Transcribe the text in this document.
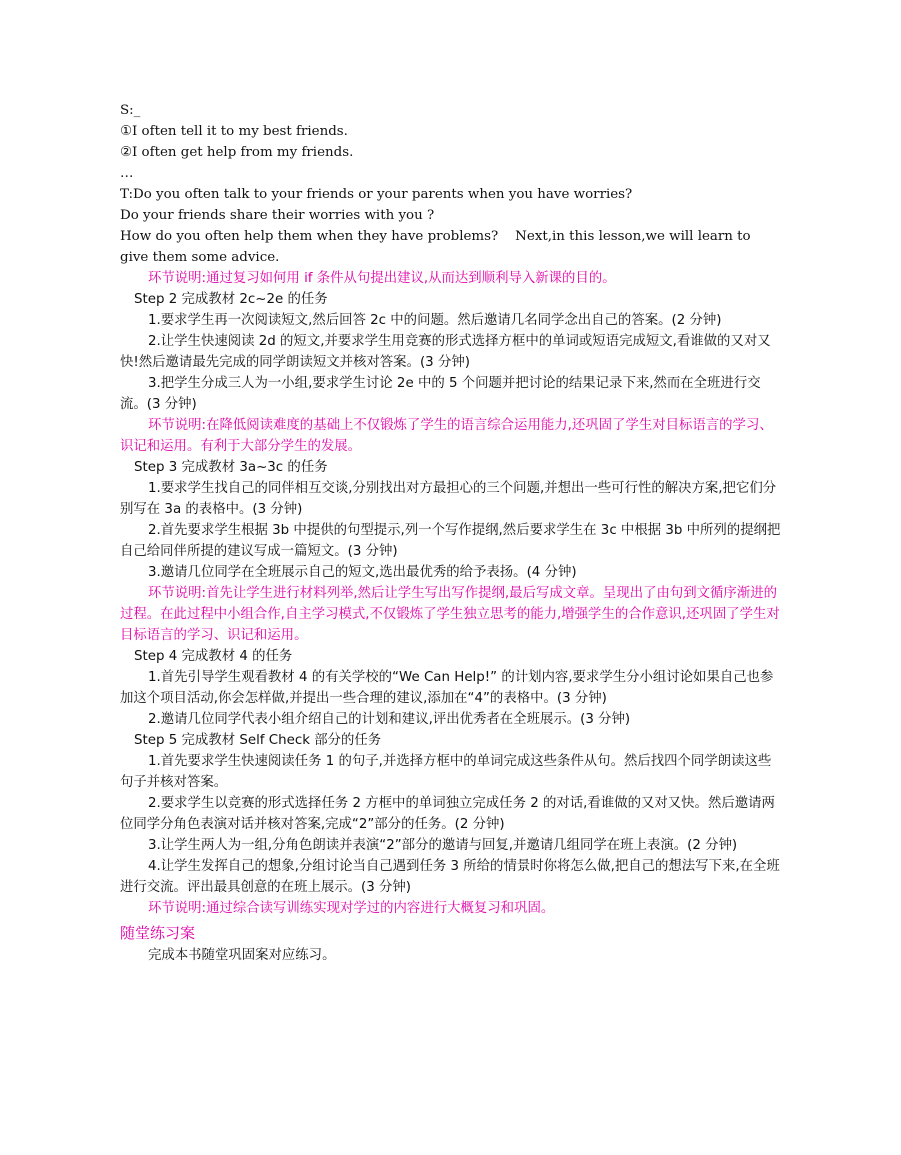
S:_
①I often tell it to my best friends.
②I often get help from my friends.
…
T:Do you often talk to your friends or your parents when you have worries?
Do your friends share their worries with you ?
How do you often help them when they have problems?    Next,in this lesson,we will learn to give them some advice.
环节说明:通过复习如何用 if 条件从句提出建议,从而达到顺利导入新课的目的。
Step 2 完成教材 2c~2e 的任务
1.要求学生再一次阅读短文,然后回答 2c 中的问题。然后邀请几名同学念出自己的答案。(2 分钟)
2.让学生快速阅读 2d 的短文,并要求学生用竞赛的形式选择方框中的单词或短语完成短文,看谁做的又对又快!然后邀请最先完成的同学朗读短文并核对答案。(3 分钟)
3.把学生分成三人为一小组,要求学生讨论 2e 中的 5 个问题并把讨论的结果记录下来,然而在全班进行交流。(3 分钟)
环节说明:在降低阅读难度的基础上不仅锻炼了学生的语言综合运用能力,还巩固了学生对目标语言的学习、识记和运用。有利于大部分学生的发展。
Step 3 完成教材 3a~3c 的任务
1.要求学生找自己的同伴相互交谈,分别找出对方最担心的三个问题,并想出一些可行性的解决方案,把它们分别写在 3a 的表格中。(3 分钟)
2.首先要求学生根据 3b 中提供的句型提示,列一个写作提纲,然后要求学生在 3c 中根据 3b 中所列的提纲把自己给同伴所提的建议写成一篇短文。(3 分钟)
3.邀请几位同学在全班展示自己的短文,选出最优秀的给予表扬。(4 分钟)
环节说明:首先让学生进行材料列举,然后让学生写出写作提纲,最后写成文章。呈现出了由句到文循序渐进的过程。在此过程中小组合作,自主学习模式,不仅锻炼了学生独立思考的能力,增强学生的合作意识,还巩固了学生对目标语言的学习、识记和运用。
Step 4 完成教材 4 的任务
1.首先引导学生观看教材 4 的有关学校的“We Can Help!” 的计划内容,要求学生分小组讨论如果自己也参加这个项目活动,你会怎样做,并提出一些合理的建议,添加在“4”的表格中。(3 分钟)
2.邀请几位同学代表小组介绍自己的计划和建议,评出优秀者在全班展示。(3 分钟)
Step 5 完成教材 Self Check 部分的任务
1.首先要求学生快速阅读任务 1 的句子,并选择方框中的单词完成这些条件从句。然后找四个同学朗读这些句子并核对答案。
2.要求学生以竞赛的形式选择任务 2 方框中的单词独立完成任务 2 的对话,看谁做的又对又快。然后邀请两位同学分角色表演对话并核对答案,完成“2”部分的任务。(2 分钟)
3.让学生两人为一组,分角色朗读并表演“2”部分的邀请与回复,并邀请几组同学在班上表演。(2 分钟)
4.让学生发挥自己的想象,分组讨论当自己遇到任务 3 所给的情景时你将怎么做,把自己的想法写下来,在全班进行交流。评出最具创意的在班上展示。(3 分钟)
环节说明:通过综合读写训练实现对学过的内容进行大概复习和巩固。
随堂练习案
完成本书随堂巩固案对应练习。
